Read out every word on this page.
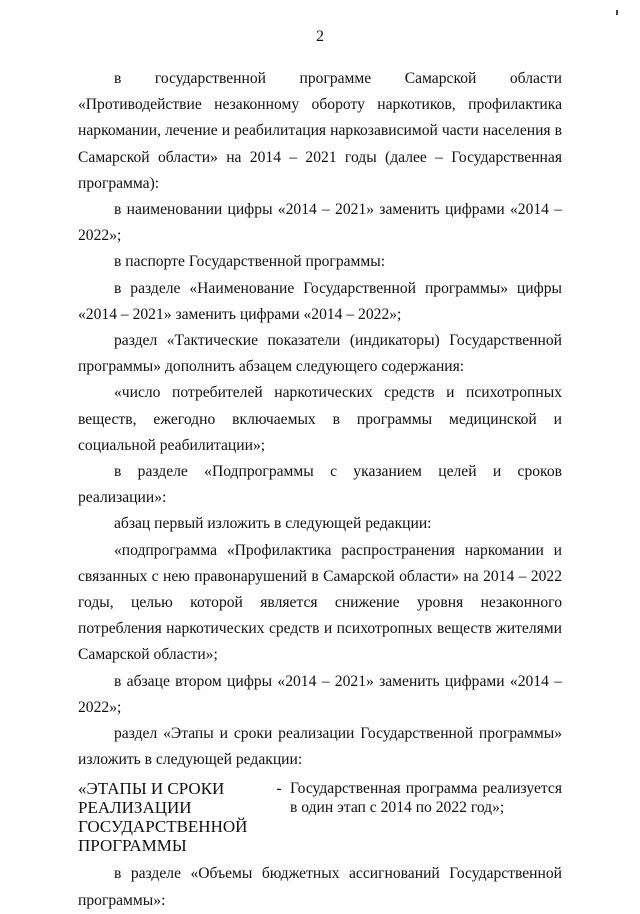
2

в государственной программе Самарской области «Противодействие незаконному обороту наркотиков, профилактика наркомании, лечение и реабилитация наркозависимой части населения в Самарской области» на 2014 – 2021 годы (далее – Государственная программа):

в наименовании цифры «2014 – 2021» заменить цифрами «2014 – 2022»;

в паспорте Государственной программы:

в разделе «Наименование Государственной программы» цифры «2014 – 2021» заменить цифрами «2014 – 2022»;

раздел «Тактические показатели (индикаторы) Государственной программы» дополнить абзацем следующего содержания:

«число потребителей наркотических средств и психотропных веществ, ежегодно включаемых в программы медицинской и социальной реабилитации»;

в разделе «Подпрограммы с указанием целей и сроков реализации»:

абзац первый изложить в следующей редакции:

«подпрограмма «Профилактика распространения наркомании и связанных с нею правонарушений в Самарской области» на 2014 – 2022 годы, целью которой является снижение уровня незаконного потребления наркотических средств и психотропных веществ жителями Самарской области»;

в абзаце втором цифры «2014 – 2021» заменить цифрами «2014 – 2022»;

раздел «Этапы и сроки реализации Государственной программы» изложить в следующей редакции:

«ЭТАПЫ И СРОКИ
РЕАЛИЗАЦИИ
ГОСУДАРСТВЕННОЙ
ПРОГРАММЫ
- Государственная программа реализуется в один этап с 2014 по 2022 год»;

в разделе «Объемы бюджетных ассигнований Государственной программы»:
